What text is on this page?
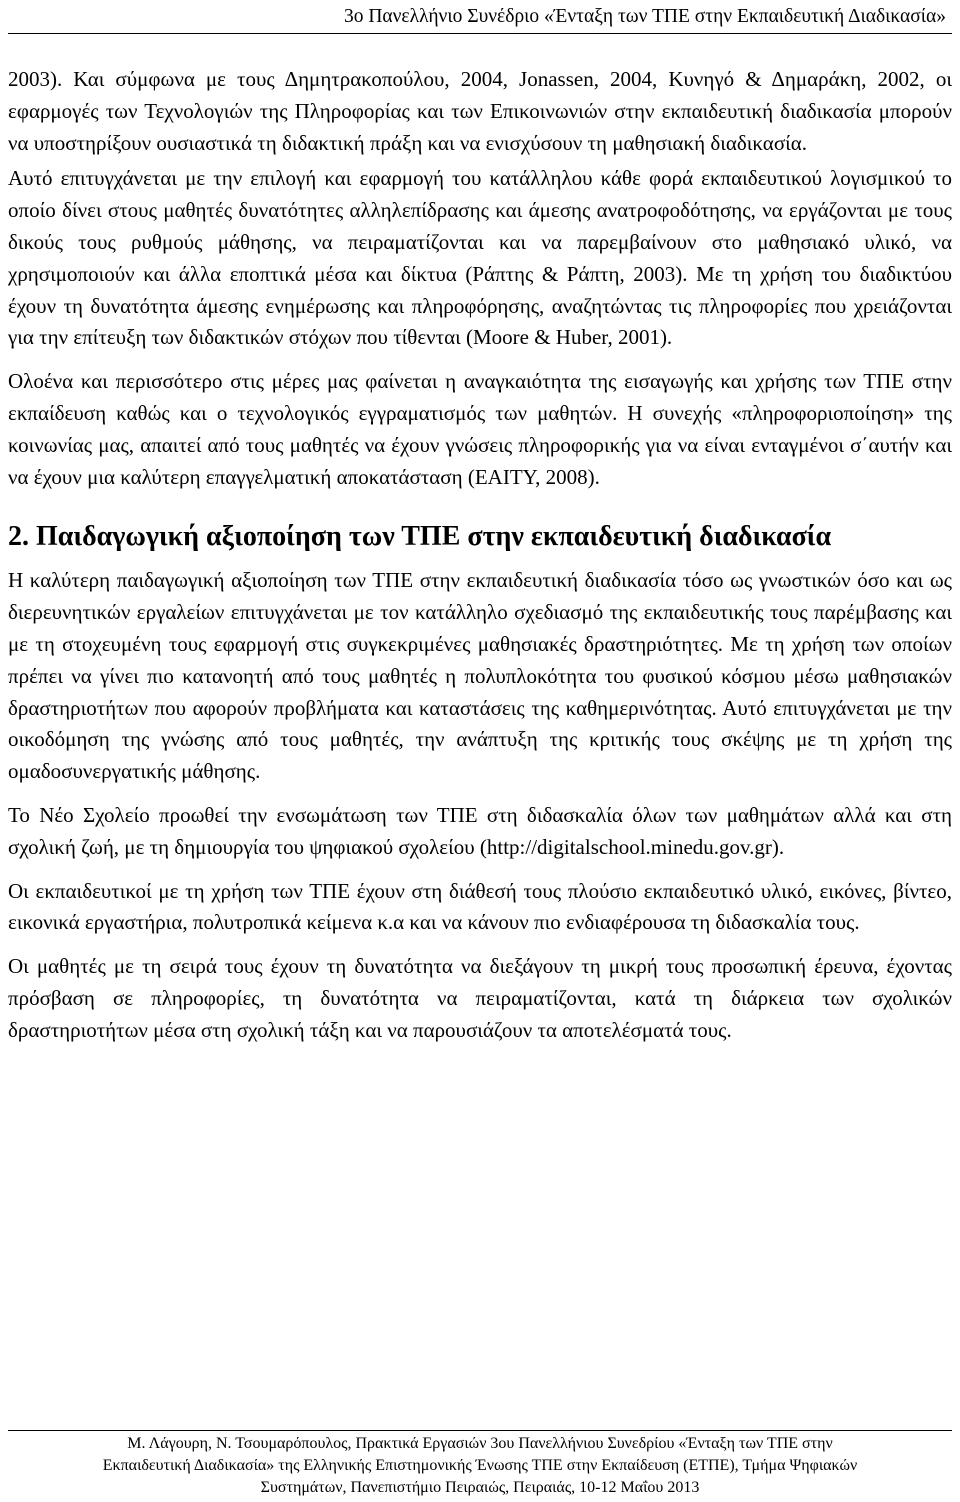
3ο Πανελλήνιο Συνέδριο «Ένταξη των ΤΠΕ στην Εκπαιδευτική Διαδικασία»

2003). Και σύμφωνα με τους Δημητρακοπούλου, 2004, Jonassen, 2004, Κυνηγό & Δημαράκη, 2002, οι εφαρμογές των Τεχνολογιών της Πληροφορίας και των Επικοινωνιών στην εκπαιδευτική διαδικασία μπορούν να υποστηρίξουν ουσιαστικά τη διδακτική πράξη και να ενισχύσουν τη μαθησιακή διαδικασία.

Αυτό επιτυγχάνεται με την επιλογή και εφαρμογή του κατάλληλου κάθε φορά εκπαιδευτικού λογισμικού το οποίο δίνει στους μαθητές δυνατότητες αλληλεπίδρασης και άμεσης ανατροφοδότησης, να εργάζονται με τους δικούς τους ρυθμούς μάθησης, να πειραματίζονται και να παρεμβαίνουν στο μαθησιακό υλικό, να χρησιμοποιούν και άλλα εποπτικά μέσα και δίκτυα (Ράπτης & Ράπτη, 2003). Με τη χρήση του διαδικτύου έχουν τη δυνατότητα άμεσης ενημέρωσης και πληροφόρησης, αναζητώντας τις πληροφορίες που χρειάζονται για την επίτευξη των διδακτικών στόχων που τίθενται (Moore & Huber, 2001).

Ολοένα και περισσότερο στις μέρες μας φαίνεται η αναγκαιότητα της εισαγωγής και χρήσης των ΤΠΕ στην εκπαίδευση καθώς και ο τεχνολογικός εγγραματισμός των μαθητών. Η συνεχής «πληροφοριοποίηση» της κοινωνίας μας, απαιτεί από τους μαθητές να έχουν γνώσεις πληροφορικής για να είναι ενταγμένοι σ΄αυτήν και να έχουν μια καλύτερη επαγγελματική αποκατάσταση (ΕΑΙΤΥ, 2008).

2. Παιδαγωγική αξιοποίηση των ΤΠΕ στην εκπαιδευτική διαδικασία

Η καλύτερη παιδαγωγική αξιοποίηση των ΤΠΕ στην εκπαιδευτική διαδικασία τόσο ως γνωστικών όσο και ως διερευνητικών εργαλείων επιτυγχάνεται με τον κατάλληλο σχεδιασμό της εκπαιδευτικής τους παρέμβασης και με τη στοχευμένη τους εφαρμογή στις συγκεκριμένες μαθησιακές δραστηριότητες. Με τη χρήση των οποίων πρέπει να γίνει πιο κατανοητή από τους μαθητές η πολυπλοκότητα του φυσικού κόσμου μέσω μαθησιακών δραστηριοτήτων που αφορούν προβλήματα και καταστάσεις της καθημερινότητας. Αυτό επιτυγχάνεται με την οικοδόμηση της γνώσης από τους μαθητές, την ανάπτυξη της κριτικής τους σκέψης με τη χρήση της ομαδοσυνεργατικής μάθησης.

Το Νέο Σχολείο προωθεί την ενσωμάτωση των ΤΠΕ στη διδασκαλία όλων των μαθημάτων αλλά και στη σχολική ζωή, με τη δημιουργία του ψηφιακού σχολείου (http://digitalschool.minedu.gov.gr).

Οι εκπαιδευτικοί με τη χρήση των ΤΠΕ έχουν στη διάθεσή τους πλούσιο εκπαιδευτικό υλικό, εικόνες, βίντεο, εικονικά εργαστήρια, πολυτροπικά κείμενα κ.α και να κάνουν πιο ενδιαφέρουσα τη διδασκαλία τους.

Οι μαθητές με τη σειρά τους έχουν τη δυνατότητα να διεξάγουν τη μικρή τους προσωπική έρευνα, έχοντας πρόσβαση σε πληροφορίες, τη δυνατότητα να πειραματίζονται, κατά τη διάρκεια των σχολικών δραστηριοτήτων μέσα στη σχολική τάξη και να παρουσιάζουν τα αποτελέσματά τους.

Μ. Λάγουρη, Ν. Τσουμαρόπουλος, Πρακτικά Εργασιών 3ου Πανελλήνιου Συνεδρίου «Ένταξη των ΤΠΕ στην
Εκπαιδευτική Διαδικασία» της Ελληνικής Επιστημονικής Ένωσης ΤΠΕ στην Εκπαίδευση (ΕΤΠΕ), Τμήμα Ψηφιακών
Συστημάτων, Πανεπιστήμιο Πειραιώς, Πειραιάς, 10-12 Μαΐου 2013
